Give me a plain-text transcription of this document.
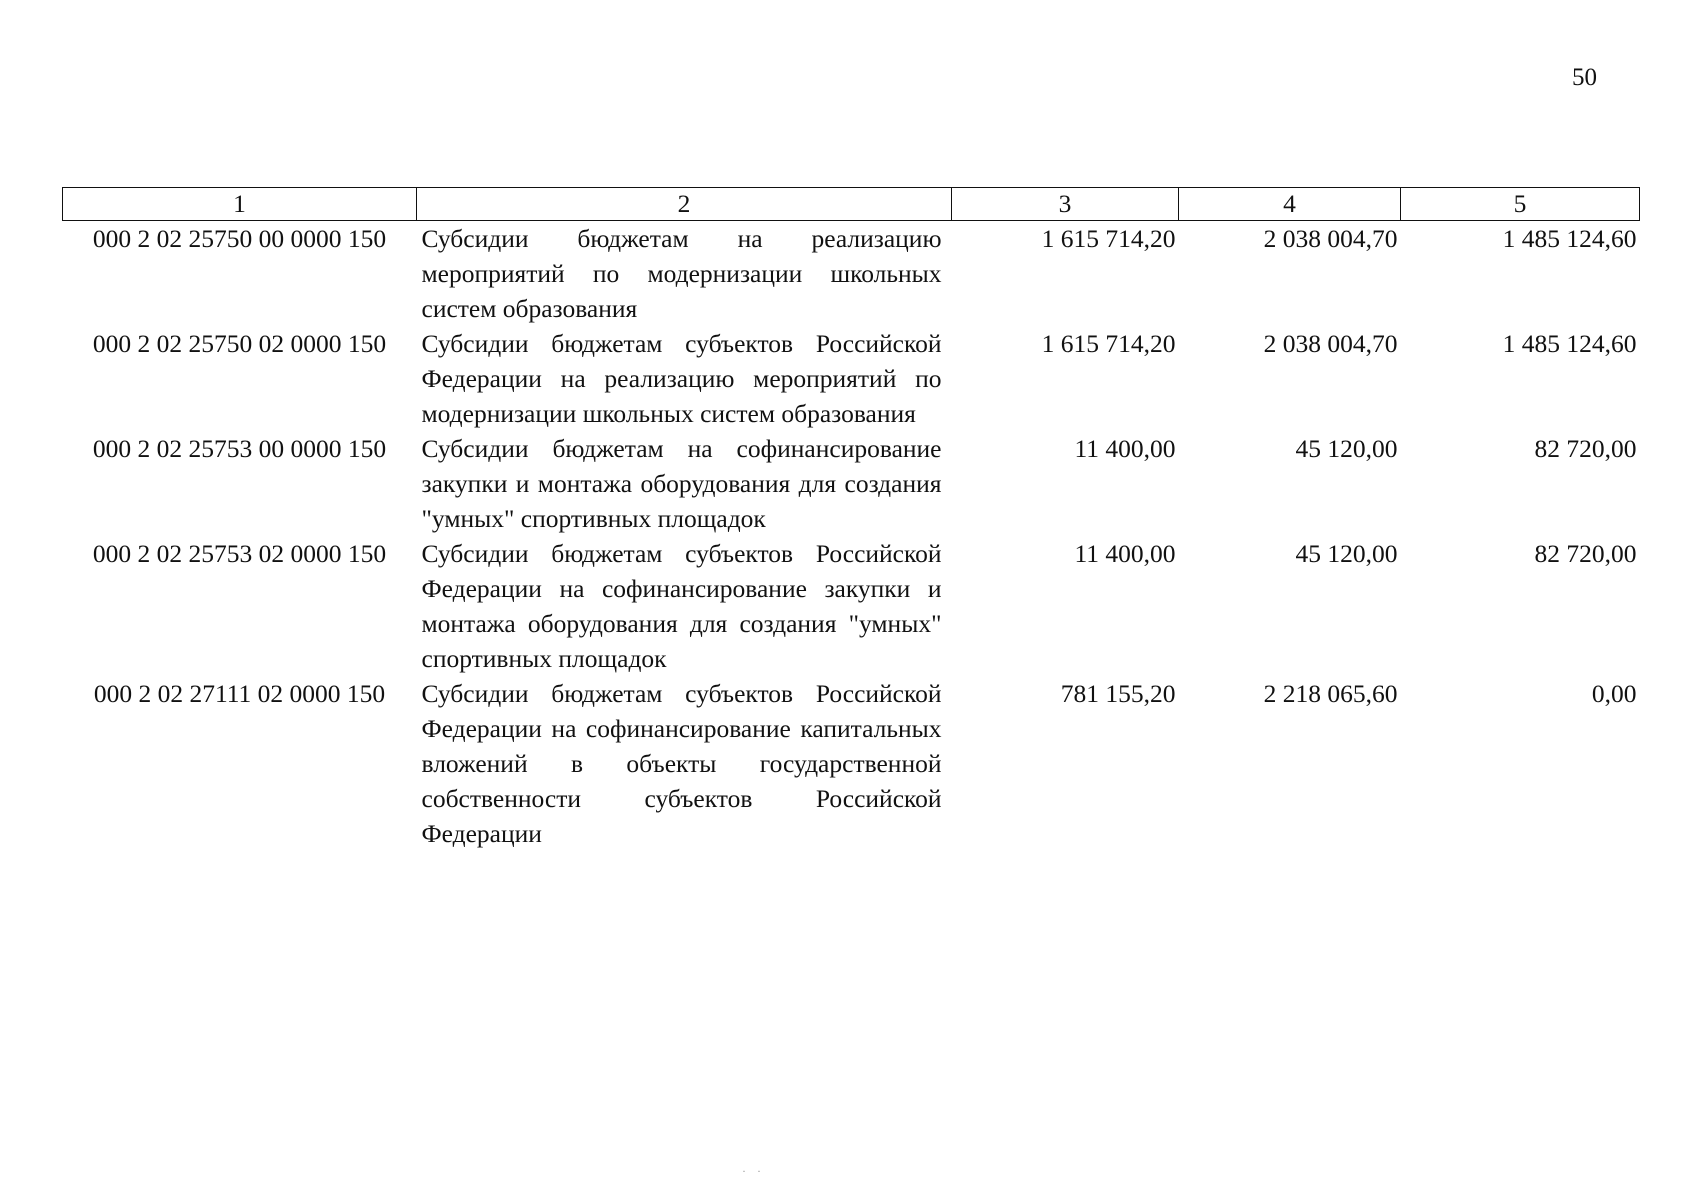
50
1	2	3	4	5
000 2 02 25750 00 0000 150	Субсидии бюджетам на реализацию мероприятий по модернизации школьных систем образования	1 615 714,20	2 038 004,70	1 485 124,60
000 2 02 25750 02 0000 150	Субсидии бюджетам субъектов Российской Федерации на реализацию мероприятий по модернизации школьных систем образования	1 615 714,20	2 038 004,70	1 485 124,60
000 2 02 25753 00 0000 150	Субсидии бюджетам на софинансирование закупки и монтажа оборудования для создания "умных" спортивных площадок	11 400,00	45 120,00	82 720,00
000 2 02 25753 02 0000 150	Субсидии бюджетам субъектов Российской Федерации на софинансирование закупки и монтажа оборудования для создания "умных" спортивных площадок	11 400,00	45 120,00	82 720,00
000 2 02 27111 02 0000 150	Субсидии бюджетам субъектов Российской Федерации на софинансирование капитальных вложений в объекты государственной собственности субъектов Российской Федерации	781 155,20	2 218 065,60	0,00
· ·
